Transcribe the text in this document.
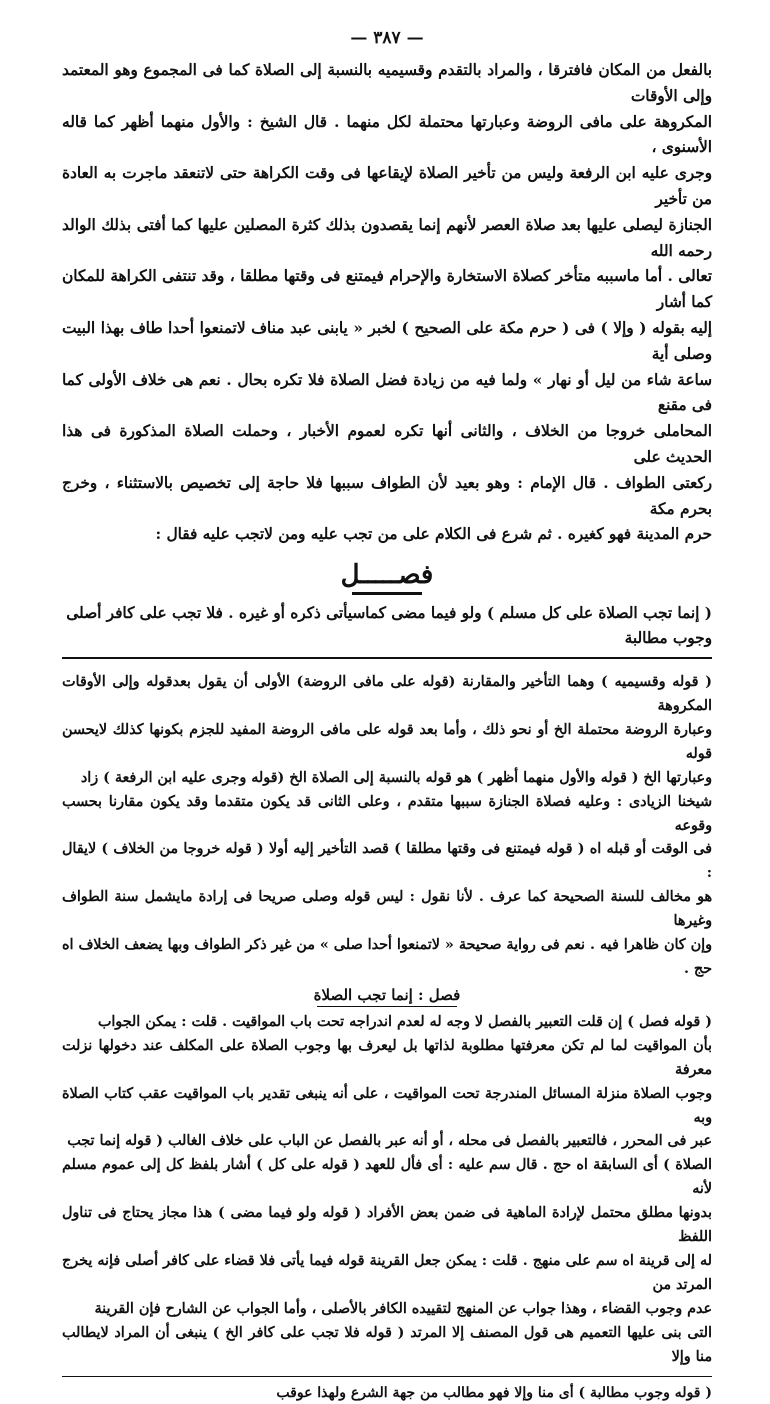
— ٣٨٧ —

بالفعل من المكان فافترقا ، والمراد بالتقدم وقسيميه بالنسبة إلى الصلاة كما فى المجموع وهو المعتمد وإلى الأوقات

المكروهة على مافى الروضة وعبارتها محتملة لكل منهما . قال الشيخ : والأول منهما أظهر كما قاله الأسنوى ،

وجرى عليه ابن الرفعة وليس من تأخير الصلاة لإيقاعها فى وقت الكراهة حتى لاتنعقد ماجرت به العادة من تأخير

الجنازة ليصلى عليها بعد صلاة العصر لأنهم إنما يقصدون بذلك كثرة المصلين عليها كما أفتى بذلك الوالد رحمه الله

تعالى . أما ماسببه متأخر كصلاة الاستخارة والإحرام فيمتنع فى وقتها مطلقا ، وقد تنتفى الكراهة للمكان كما أشار

إليه بقوله ( وإلا ) فى ( حرم مكة على الصحيح ) لخبر « يابنى عبد مناف لاتمنعوا أحدا طاف بهذا البيت وصلى أية

ساعة شاء من ليل أو نهار » ولما فيه من زيادة فضل الصلاة فلا تكره بحال . نعم هى خلاف الأولى كما فى مقنع

المحاملى خروجا من الخلاف ، والثانى أنها تكره لعموم الأخبار ، وحملت الصلاة المذكورة فى هذا الحديث على

ركعتى الطواف . قال الإمام : وهو بعيد لأن الطواف سببها فلا حاجة إلى تخصيص بالاستثناء ، وخرج بحرم مكة

حرم المدينة فهو كغيره . ثم شرع فى الكلام على من تجب عليه ومن لاتجب عليه فقال :

فصـــــل
( إنما تجب الصلاة على كل مسلم ) ولو فيما مضى كماسيأتى ذكره أو غيره . فلا تجب على كافر أصلى وجوب مطالبة

( قوله وقسيميه ) وهما التأخير والمقارنة (قوله على مافى الروضة) الأولى أن يقول بعدقوله وإلى الأوقات المكروهة

وعبارة الروضة محتملة الخ أو نحو ذلك ، وأما بعد قوله على مافى الروضة المفيد للجزم بكونها كذلك لايحسن قوله

وعبارتها الخ ( قوله والأول منهما أظهر ) هو قوله بالنسبة إلى الصلاة الخ (قوله وجرى عليه ابن الرفعة ) زاد

شيخنا الزيادى : وعليه فصلاة الجنازة سببها متقدم ، وعلى الثانى قد يكون متقدما وقد يكون مقارنا بحسب وقوعه

فى الوقت أو قبله اه ( قوله فيمتنع فى وقتها مطلقا ) قصد التأخير إليه أولا ( قوله خروجا من الخلاف ) لايقال :

هو مخالف للسنة الصحيحة كما عرف . لأنا نقول : ليس قوله وصلى صريحا فى إرادة مايشمل سنة الطواف وغيرها

وإن كان ظاهرا فيه . نعم فى رواية صحيحة « لاتمنعوا أحدا صلى » من غير ذكر الطواف وبها يضعف الخلاف اه حج .

فصل : إنما تجب الصلاة

( قوله فصل ) إن قلت التعبير بالفصل لا وجه له لعدم اندراجه تحت باب المواقيت . قلت : يمكن الجواب

بأن المواقيت لما لم تكن معرفتها مطلوبة لذاتها بل ليعرف بها وجوب الصلاة على المكلف عند دخولها نزلت معرفة

وجوب الصلاة منزلة المسائل المندرجة تحت المواقيت ، على أنه ينبغى تقدير باب المواقيت عقب كتاب الصلاة وبه

عبر فى المحرر ، فالتعبير بالفصل فى محله ، أو أنه عبر بالفصل عن الباب على خلاف الغالب ( قوله إنما تجب

الصلاة ) أى السابقة اه حج . قال سم عليه : أى فأل للعهد ( قوله على كل ) أشار بلفظ كل إلى عموم مسلم لأنه

بدونها مطلق محتمل لإرادة الماهية فى ضمن بعض الأفراد ( قوله ولو فيما مضى ) هذا مجاز يحتاج فى تناول اللفظ

له إلى قرينة اه سم على منهج . قلت : يمكن جعل القرينة قوله فيما يأتى فلا قضاء على كافر أصلى فإنه يخرج المرتد من

عدم وجوب القضاء ، وهذا جواب عن المنهج لتقييده الكافر بالأصلى ، وأما الجواب عن الشارح فإن القرينة

التى بنى عليها التعميم هى قول المصنف إلا المرتد ( قوله فلا تجب على كافر الخ ) ينبغى أن المراد لايطالب منا وإلا

( قوله وجوب مطالبة ) أى منا وإلا فهو مطالب من جهة الشرع ولهذا عوقب
